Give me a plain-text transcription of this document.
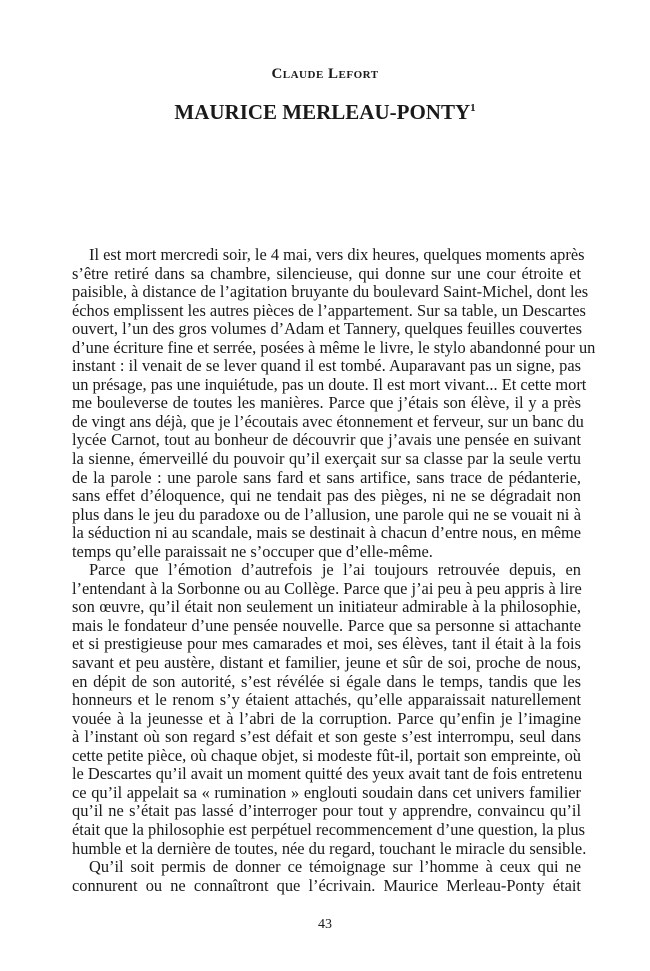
Claude Lefort
MAURICE MERLEAU-PONTY$^1$
Il est mort mercredi soir, le 4 mai, vers dix heures, quelques moments après
s’être retiré dans sa chambre, silencieuse, qui donne sur une cour étroite et
paisible, à distance de l’agitation bruyante du boulevard Saint-Michel, dont les
échos emplissent les autres pièces de l’appartement. Sur sa table, un Descartes
ouvert, l’un des gros volumes d’Adam et Tannery, quelques feuilles couvertes
d’une écriture fine et serrée, posées à même le livre, le stylo abandonné pour un
instant : il venait de se lever quand il est tombé. Auparavant pas un signe, pas
un présage, pas une inquiétude, pas un doute. Il est mort vivant... Et cette mort
me bouleverse de toutes les manières. Parce que j’étais son élève, il y a près
de vingt ans déjà, que je l’écoutais avec étonnement et ferveur, sur un banc du
lycée Carnot, tout au bonheur de découvrir que j’avais une pensée en suivant
la sienne, émerveillé du pouvoir qu’il exerçait sur sa classe par la seule vertu
de la parole : une parole sans fard et sans artifice, sans trace de pédanterie,
sans effet d’éloquence, qui ne tendait pas des pièges, ni ne se dégradait non
plus dans le jeu du paradoxe ou de l’allusion, une parole qui ne se vouait ni à
la séduction ni au scandale, mais se destinait à chacun d’entre nous, en même
temps qu’elle paraissait ne s’occuper que d’elle-même.
Parce que l’émotion d’autrefois je l’ai toujours retrouvée depuis, en
l’entendant à la Sorbonne ou au Collège. Parce que j’ai peu à peu appris à lire
son œuvre, qu’il était non seulement un initiateur admirable à la philosophie,
mais le fondateur d’une pensée nouvelle. Parce que sa personne si attachante
et si prestigieuse pour mes camarades et moi, ses élèves, tant il était à la fois
savant et peu austère, distant et familier, jeune et sûr de soi, proche de nous,
en dépit de son autorité, s’est révélée si égale dans le temps, tandis que les
honneurs et le renom s’y étaient attachés, qu’elle apparaissait naturellement
vouée à la jeunesse et à l’abri de la corruption. Parce qu’enfin je l’imagine
à l’instant où son regard s’est défait et son geste s’est interrompu, seul dans
cette petite pièce, où chaque objet, si modeste fût-il, portait son empreinte, où
le Descartes qu’il avait un moment quitté des yeux avait tant de fois entretenu
ce qu’il appelait sa « rumination » englouti soudain dans cet univers familier
qu’il ne s’était pas lassé d’interroger pour tout y apprendre, convaincu qu’il
était que la philosophie est perpétuel recommencement d’une question, la plus
humble et la dernière de toutes, née du regard, touchant le miracle du sensible.
Qu’il soit permis de donner ce témoignage sur l’homme à ceux qui ne
connurent ou ne connaîtront que l’écrivain. Maurice Merleau-Ponty était
43
